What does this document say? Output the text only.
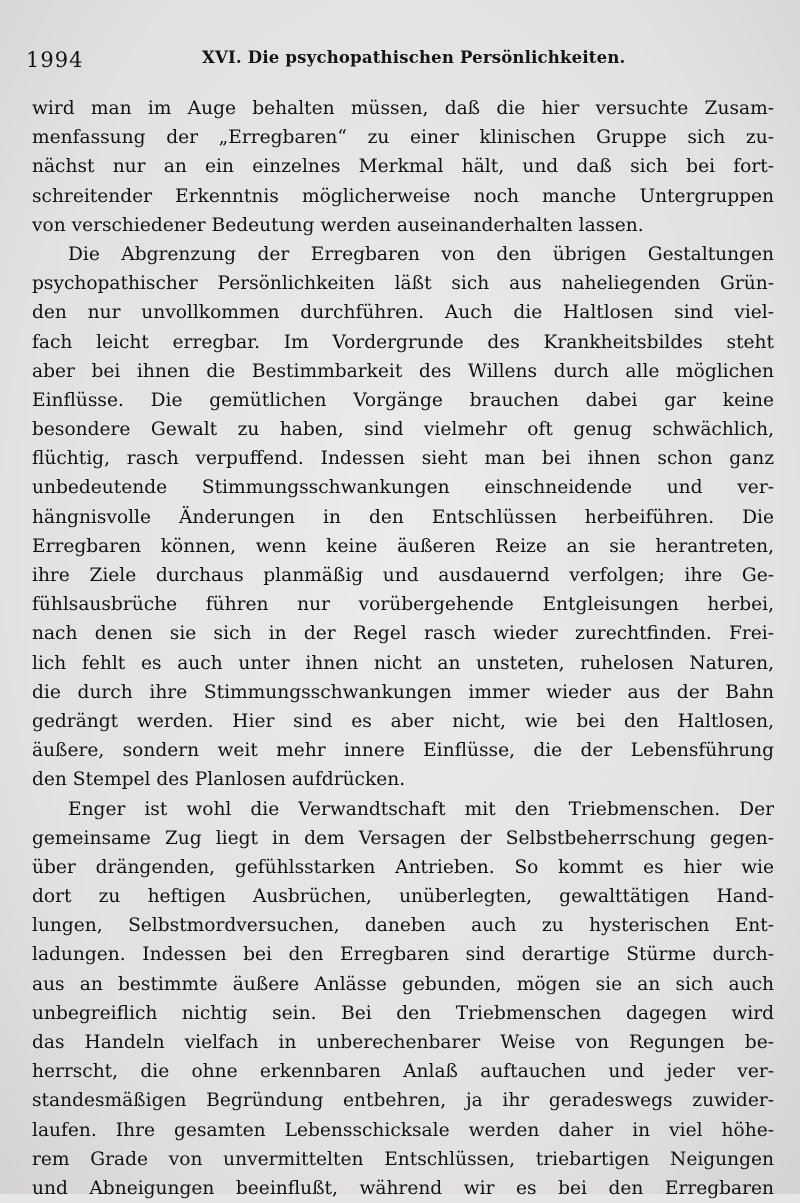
1994	XVI. Die psychopathischen Persönlichkeiten.
wird man im Auge behalten müssen, daß die hier versuchte Zusam-
menfassung der „Erregbaren“ zu einer klinischen Gruppe sich zu-
nächst nur an ein einzelnes Merkmal hält, und daß sich bei fort-
schreitender Erkenntnis möglicherweise noch manche Untergruppen
von verschiedener Bedeutung werden auseinanderhalten lassen.
Die Abgrenzung der Erregbaren von den übrigen Gestaltungen
psychopathischer Persönlichkeiten läßt sich aus naheliegenden Grün-
den nur unvollkommen durchführen. Auch die Haltlosen sind viel-
fach leicht erregbar. Im Vordergrunde des Krankheitsbildes steht
aber bei ihnen die Bestimmbarkeit des Willens durch alle möglichen
Einflüsse. Die gemütlichen Vorgänge brauchen dabei gar keine
besondere Gewalt zu haben, sind vielmehr oft genug schwächlich,
flüchtig, rasch verpuffend. Indessen sieht man bei ihnen schon ganz
unbedeutende Stimmungsschwankungen einschneidende und ver-
hängnisvolle Änderungen in den Entschlüssen herbeiführen. Die
Erregbaren können, wenn keine äußeren Reize an sie herantreten,
ihre Ziele durchaus planmäßig und ausdauernd verfolgen; ihre Ge-
fühlsausbrüche führen nur vorübergehende Entgleisungen herbei,
nach denen sie sich in der Regel rasch wieder zurechtfinden. Frei-
lich fehlt es auch unter ihnen nicht an unsteten, ruhelosen Naturen,
die durch ihre Stimmungsschwankungen immer wieder aus der Bahn
gedrängt werden. Hier sind es aber nicht, wie bei den Haltlosen,
äußere, sondern weit mehr innere Einflüsse, die der Lebensführung
den Stempel des Planlosen aufdrücken.
Enger ist wohl die Verwandtschaft mit den Triebmenschen. Der
gemeinsame Zug liegt in dem Versagen der Selbstbeherrschung gegen-
über drängenden, gefühlsstarken Antrieben. So kommt es hier wie
dort zu heftigen Ausbrüchen, unüberlegten, gewalttätigen Hand-
lungen, Selbstmordversuchen, daneben auch zu hysterischen Ent-
ladungen. Indessen bei den Erregbaren sind derartige Stürme durch-
aus an bestimmte äußere Anlässe gebunden, mögen sie an sich auch
unbegreiflich nichtig sein. Bei den Triebmenschen dagegen wird
das Handeln vielfach in unberechenbarer Weise von Regungen be-
herrscht, die ohne erkennbaren Anlaß auftauchen und jeder ver-
standesmäßigen Begründung entbehren, ja ihr geradeswegs zuwider-
laufen. Ihre gesamten Lebensschicksale werden daher in viel höhe-
rem Grade von unvermittelten Entschlüssen, triebartigen Neigungen
und Abneigungen beeinflußt, während wir es bei den Erregbaren
